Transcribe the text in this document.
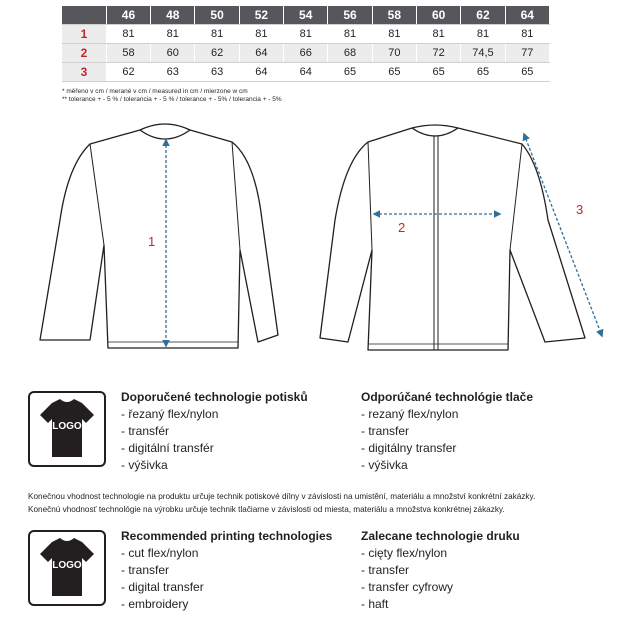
	46	48	50	52	54	56	58	60	62	64
1	81	81	81	81	81	81	81	81	81	81
2	58	60	62	64	66	68	70	72	74,5	77
3	62	63	63	64	64	65	65	65	65	65
* měřeno v cm / merané v cm / measured in cm / mierzone w cm
** tolerance + - 5 % / tolerancia + - 5 % / tolerance + - 5% / tolerancia + - 5%
1
2
3
LOGO
Doporučené technologie potisků
- řezaný flex/nylon
- transfér
- digitální transfér
- výšivka
Odporúčané technológie tlače
- rezaný flex/nylon
- transfer
- digitálny transfer
- výšivka
Konečnou vhodnost technologie na produktu určuje technik potiskové dílny v závislosti na umistění, materiálu a množství konkrétní zakázky.
Konečnú vhodnosť technológie na výrobku určuje technik tlačiarne v závislosti od miesta, materiálu a množstva konkrétnej zákazky.
LOGO
Recommended printing technologies
- cut flex/nylon
- transfer
- digital transfer
- embroidery
Zalecane technologie druku
- cięty flex/nylon
- transfer
- transfer cyfrowy
- haft
